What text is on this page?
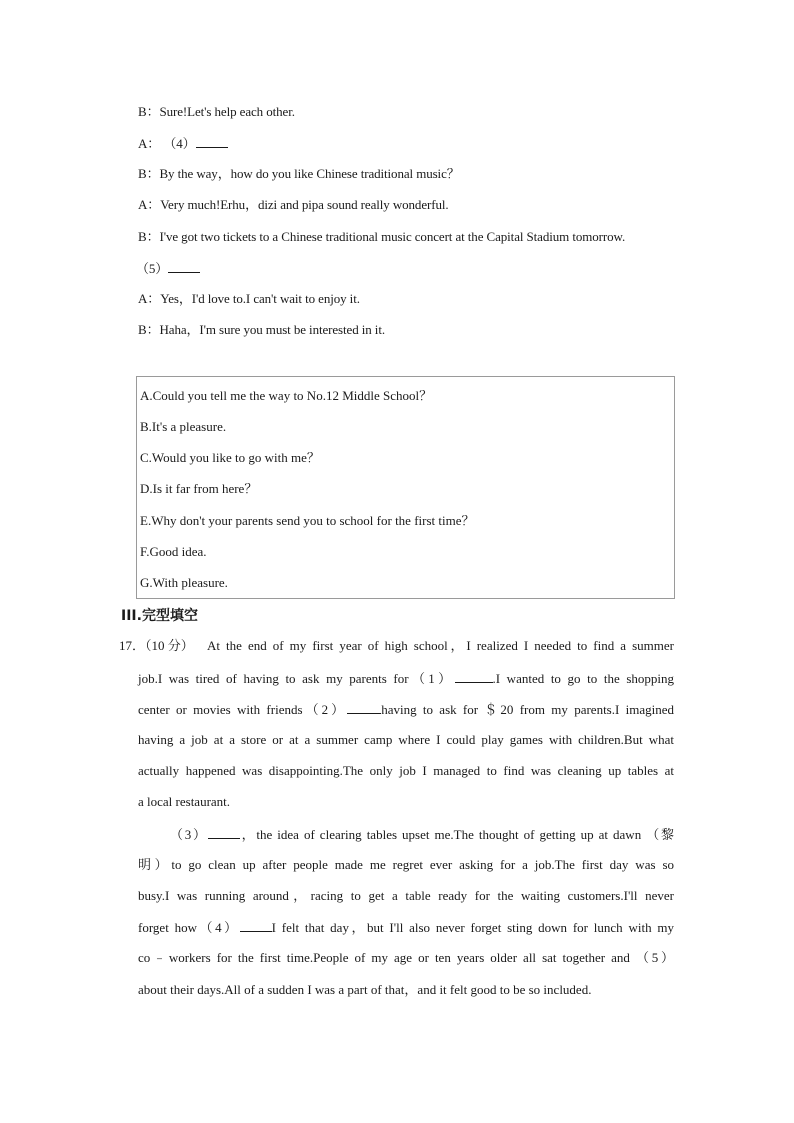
B：Sure!Let's help each other.
A： （4）
B：By the way，how do you like Chinese traditional music？
A：Very much!Erhu，dizi and pipa sound really wonderful.
B：I've got two tickets to a Chinese traditional music concert at the Capital Stadium tomorrow.
（5）
A：Yes，I'd love to.I can't wait to enjoy it.
B：Haha，I'm sure you must be interested in it.
A.Could you tell me the way to No.12 Middle School？
B.It's a pleasure.
C.Would you like to go with me？
D.Is it far from here？
E.Why don't your parents send you to school for the first time？
F.Good idea.
G.With pleasure.
III.完型填空
17．（10 分） At the end of my first year of high school，I realized I needed to find a summer
job.I was tired of having to ask my parents for（1）	.I wanted to go to the shopping
center or movies with friends（2）	having to ask for ＄20 from my parents.I imagined
having a job at a store or at a summer camp where I could play games with children.But what
actually happened was disappointing.The only job I managed to find was cleaning up tables at
a local restaurant.
（3） ，the idea of clearing tables upset me.The thought of getting up at dawn （黎
明）to go clean up after people made me regret ever asking for a job.The first day was so
busy.I was running around，racing to get a table ready for the waiting customers.I'll never
forget how（4） I felt that day，but I'll also never forget sting down for lunch with my
co﹣workers for the first time.People of my age or ten years older all sat together and （5）
about their days.All of a sudden I was a part of that，and it felt good to be so included.
